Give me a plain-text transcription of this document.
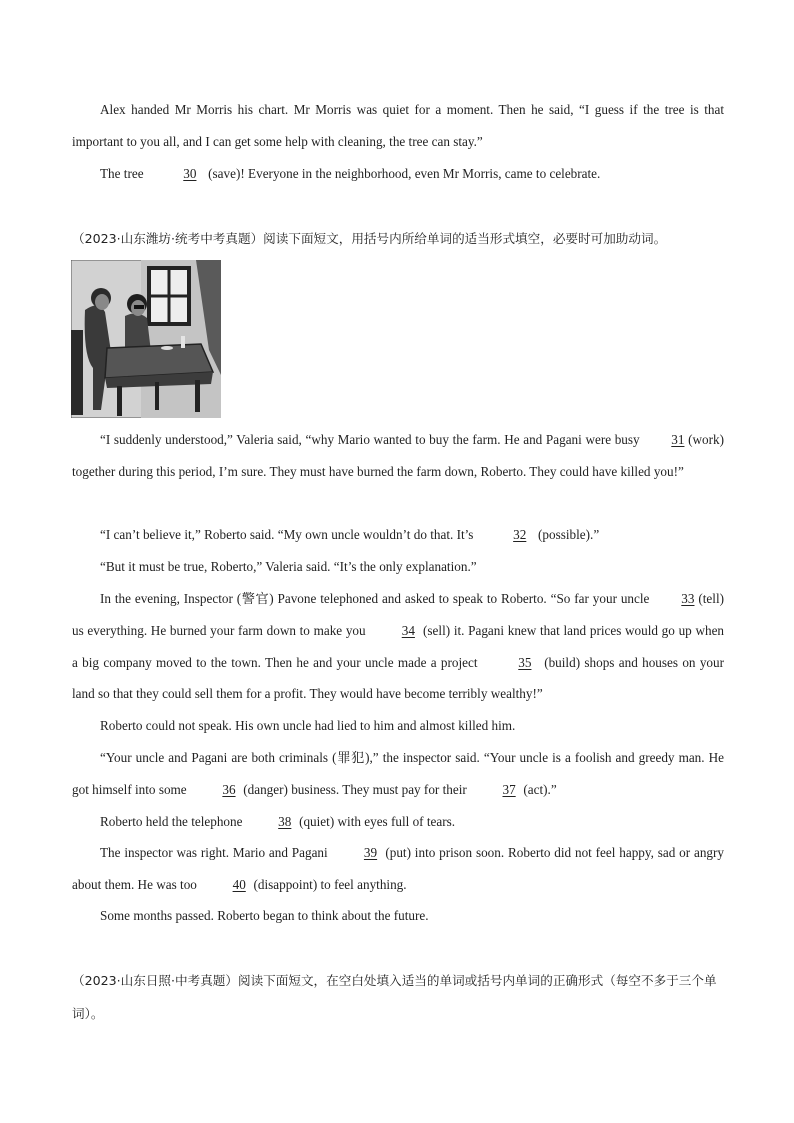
Alex handed Mr Morris his chart. Mr Morris was quiet for a moment. Then he said, “I guess if the tree is that important to you all, and I can get some help with cleaning, the tree can stay.”
The tree	30 (save)! Everyone in the neighborhood, even Mr Morris, came to celebrate.
（2023·山东潍坊·统考中考真题）阅读下面短文，用括号内所给单词的适当形式填空，必要时可加助动词。
“I suddenly understood,” Valeria said, “why Mario wanted to buy the farm. He and Pagani were busy 31 (work) together during this period, I’m sure. They must have burned the farm down, Roberto. They could have killed you!”
“I can’t believe it,” Roberto said. “My own uncle wouldn’t do that. It’s	32 (possible).”
“But it must be true, Roberto,” Valeria said. “It’s the only explanation.”
In the evening, Inspector (警官) Pavone telephoned and asked to speak to Roberto. “So far your uncle 33 (tell) us everything. He burned your farm down to make you	34 (sell) it. Pagani knew that land prices would go up when a big company moved to the town. Then he and your uncle made a project	35 (build) shops and houses on your land so that they could sell them for a profit. They would have become terribly wealthy!”
Roberto could not speak. His own uncle had lied to him and almost killed him.
“Your uncle and Pagani are both criminals (罪犯),” the inspector said. “Your uncle is a foolish and greedy man. He got himself into some	36 (danger) business. They must pay for their	37 (act).”
Roberto held the telephone	38 (quiet) with eyes full of tears.
The inspector was right. Mario and Pagani	39 (put) into prison soon. Roberto did not feel happy, sad or angry about them. He was too	40 (disappoint) to feel anything.
Some months passed. Roberto began to think about the future.
（2023·山东日照·中考真题）阅读下面短文，在空白处填入适当的单词或括号内单词的正确形式（每空不多于三个单词）。
